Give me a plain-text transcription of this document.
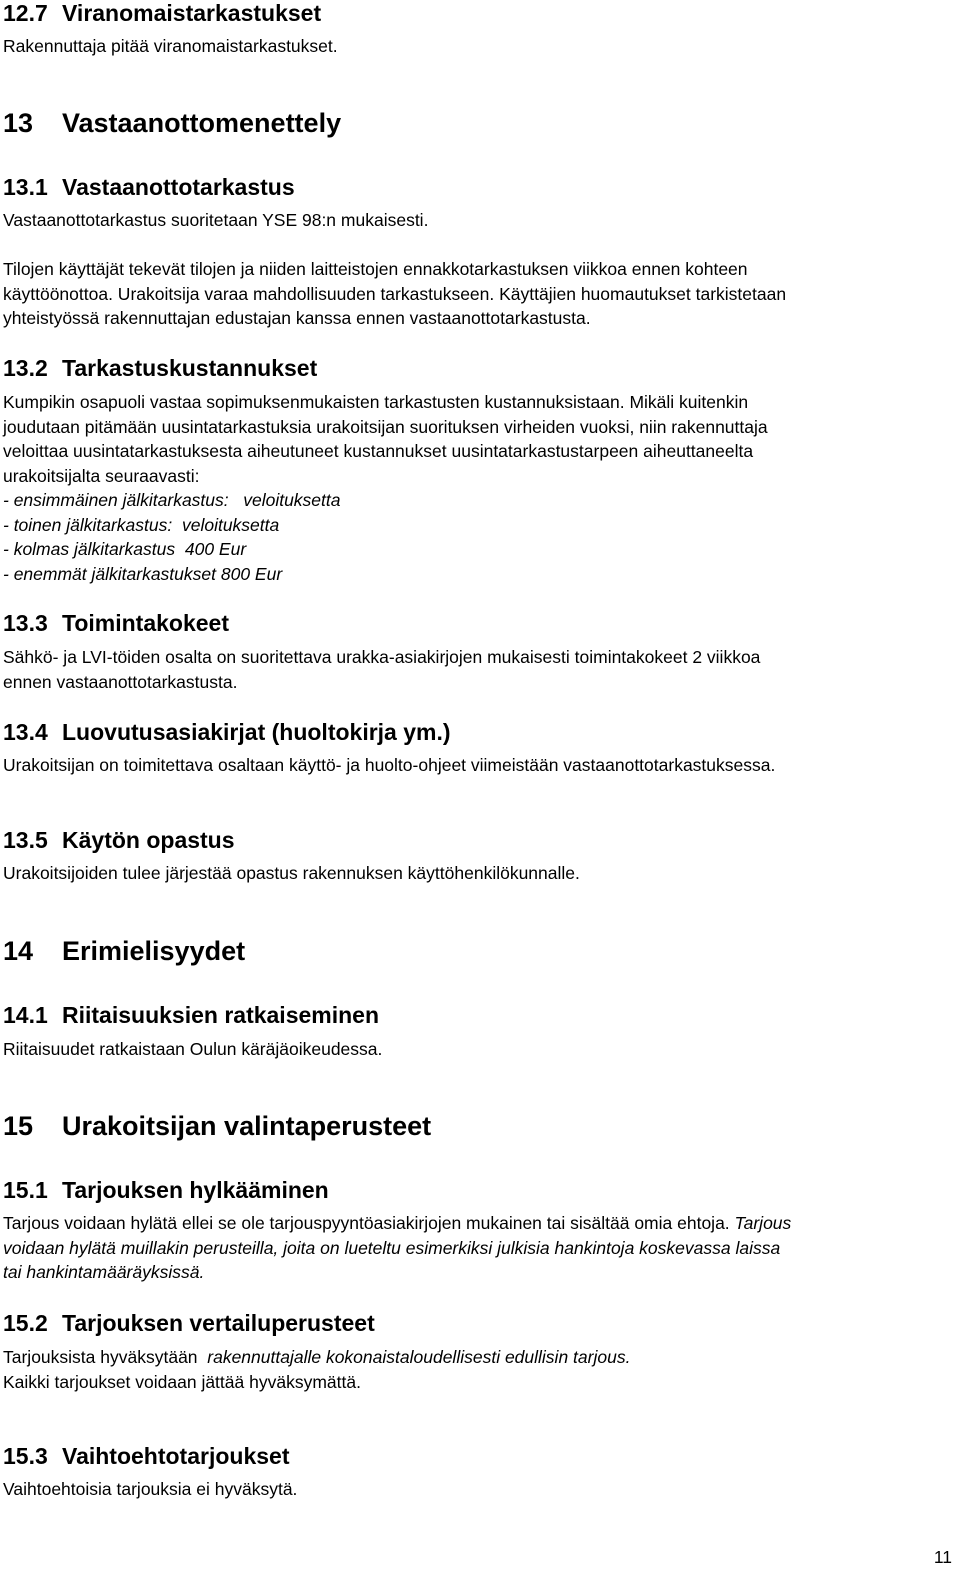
12.7 Viranomaistarkastukset
Rakennuttaja pitää viranomaistarkastukset.
13 Vastaanottomenettely
13.1 Vastaanottotarkastus
Vastaanottotarkastus suoritetaan YSE 98:n mukaisesti.
Tilojen käyttäjät tekevät tilojen ja niiden laitteistojen ennakkotarkastuksen viikkoa ennen kohteen
käyttöönottoa. Urakoitsija varaa mahdollisuuden tarkastukseen. Käyttäjien huomautukset tarkistetaan
yhteistyössä rakennuttajan edustajan kanssa ennen vastaanottotarkastusta.
13.2 Tarkastuskustannukset
Kumpikin osapuoli vastaa sopimuksenmukaisten tarkastusten kustannuksistaan. Mikäli kuitenkin
joudutaan pitämään uusintatarkastuksia urakoitsijan suorituksen virheiden vuoksi, niin rakennuttaja
veloittaa uusintatarkastuksesta aiheutuneet kustannukset uusintatarkastustarpeen aiheuttaneelta
urakoitsijalta seuraavasti:
- ensimmäinen jälkitarkastus:   veloituksetta
- toinen jälkitarkastus:  veloituksetta
- kolmas jälkitarkastus  400 Eur
- enemmät jälkitarkastukset 800 Eur
13.3 Toimintakokeet
Sähkö- ja LVI-töiden osalta on suoritettava urakka-asiakirjojen mukaisesti toimintakokeet 2 viikkoa
ennen vastaanottotarkastusta.
13.4 Luovutusasiakirjat (huoltokirja ym.)
Urakoitsijan on toimitettava osaltaan käyttö- ja huolto-ohjeet viimeistään vastaanottotarkastuksessa.
13.5 Käytön opastus
Urakoitsijoiden tulee järjestää opastus rakennuksen käyttöhenkilökunnalle.
14 Erimielisyydet
14.1 Riitaisuuksien ratkaiseminen
Riitaisuudet ratkaistaan Oulun käräjäoikeudessa.
15 Urakoitsijan valintaperusteet
15.1 Tarjouksen hylkääminen
Tarjous voidaan hylätä ellei se ole tarjouspyyntöasiakirjojen mukainen tai sisältää omia ehtoja. Tarjous
voidaan hylätä muillakin perusteilla, joita on lueteltu esimerkiksi julkisia hankintoja koskevassa laissa
tai hankintamääräyksissä.
15.2 Tarjouksen vertailuperusteet
Tarjouksista hyväksytään  rakennuttajalle kokonaistaloudellisesti edullisin tarjous.
Kaikki tarjoukset voidaan jättää hyväksymättä.
15.3 Vaihtoehtotarjoukset
Vaihtoehtoisia tarjouksia ei hyväksytä.
11
